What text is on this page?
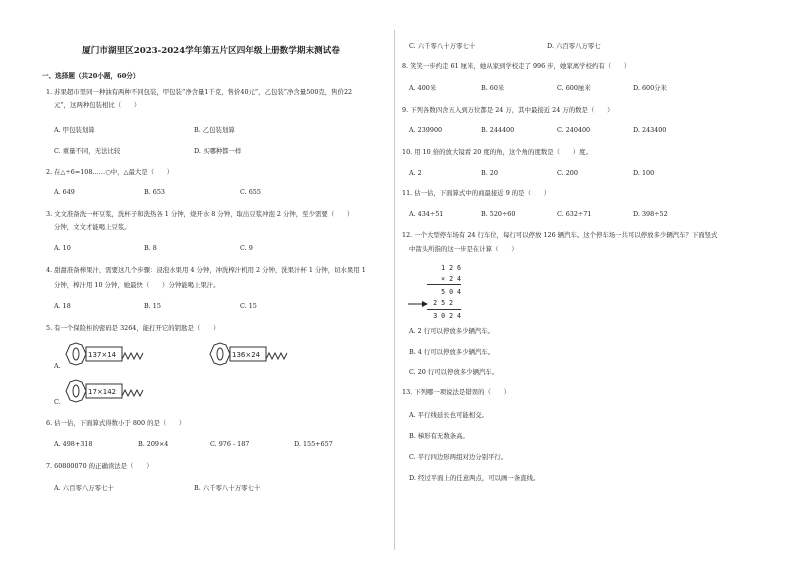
厦门市湖里区2023-2024学年第五片区四年级上册数学期末测试卷
一、选择题（共20小题，60分）
1. 苏果超市里同一种油有两种不同包装，甲包装“净含量1千克，售价40元”，乙包装“净含量500克，售价22
元”，这两种包装相比（　　）
A. 甲包装划算	B. 乙包装划算
C. 重量不同，无法比较	D. 买哪种都一样
2. 在△÷6=108……○中，△最大是（　　）
A. 649	B. 653	C. 655
3. 文文准备洗一杯豆浆，洗杯子和洗热各 1 分钟，烧开水 8 分钟，取出豆浆冲泡 2 分钟，至少需要（　　）
分钟，文文才能喝上豆浆。
A. 10	B. 8	C. 9
4. 甜甜准备榨果汁，需要这几个步骤：浸泡水果用 4 分钟，冲洗榨汁机用 2 分钟，洗果汁杯 1 分钟，切水果用 1
分钟，榨汁用 10 分钟，她最快（　　）分钟能喝上果汁。
A. 18	B. 15	C. 15
5. 有一个保险柜的密码是 3264，能打开它的钥匙是（　　）
A.
C.
137×14	136×24
17×142
6. 估一估，下面算式得数小于 800 的是（　　）
A. 498+318	B. 209×4	C. 976 - 187	D. 155+657
7. 60800070 的正确读法是（　　）
A. 六百零八万零七十	B. 六千零八十万零七十
C. 六千零八十万零七十	D. 六百零八万零七
8. 笑笑一步约走 61 厘米，她从家到学校走了 996 步，她家离学校约有（　　）
A. 400米	B. 60米	C. 600厘米	D. 600分米
9. 下列各数四舍五入到万位都是 24 万，其中最接近 24 万的数是（　　）
A. 239900	B. 244400	C. 240400	D. 243400
10. 用 10 倍的放大镜看 20 度的角，这个角的度数是（　　）度。
A. 2	B. 20	C. 200	D. 100
11. 估一估，下面算式中的商最接近 9 的是（　　）
A. 434÷51	B. 520÷60	C. 632÷71	D. 398÷52
12. 一个大型停车场有 24 行车位，每行可以停放 126 辆汽车。这个停车场一共可以停放多少辆汽车？下面竖式
中箭头所指的这一步是在计算（　　）
1 2 6
× 2 4
5 0 4
2 5 2
3 0 2 4
A. 2 行可以停放多少辆汽车。
B. 4 行可以停放多少辆汽车。
C. 20 行可以停放多少辆汽车。
13. 下列哪一项说法是错误的（　　）
A. 平行线延长也可能相交。
B. 梯形有无数条高。
C. 平行四边形两组对边分别平行。
D. 经过平面上的任意两点，可以画一条直线。
